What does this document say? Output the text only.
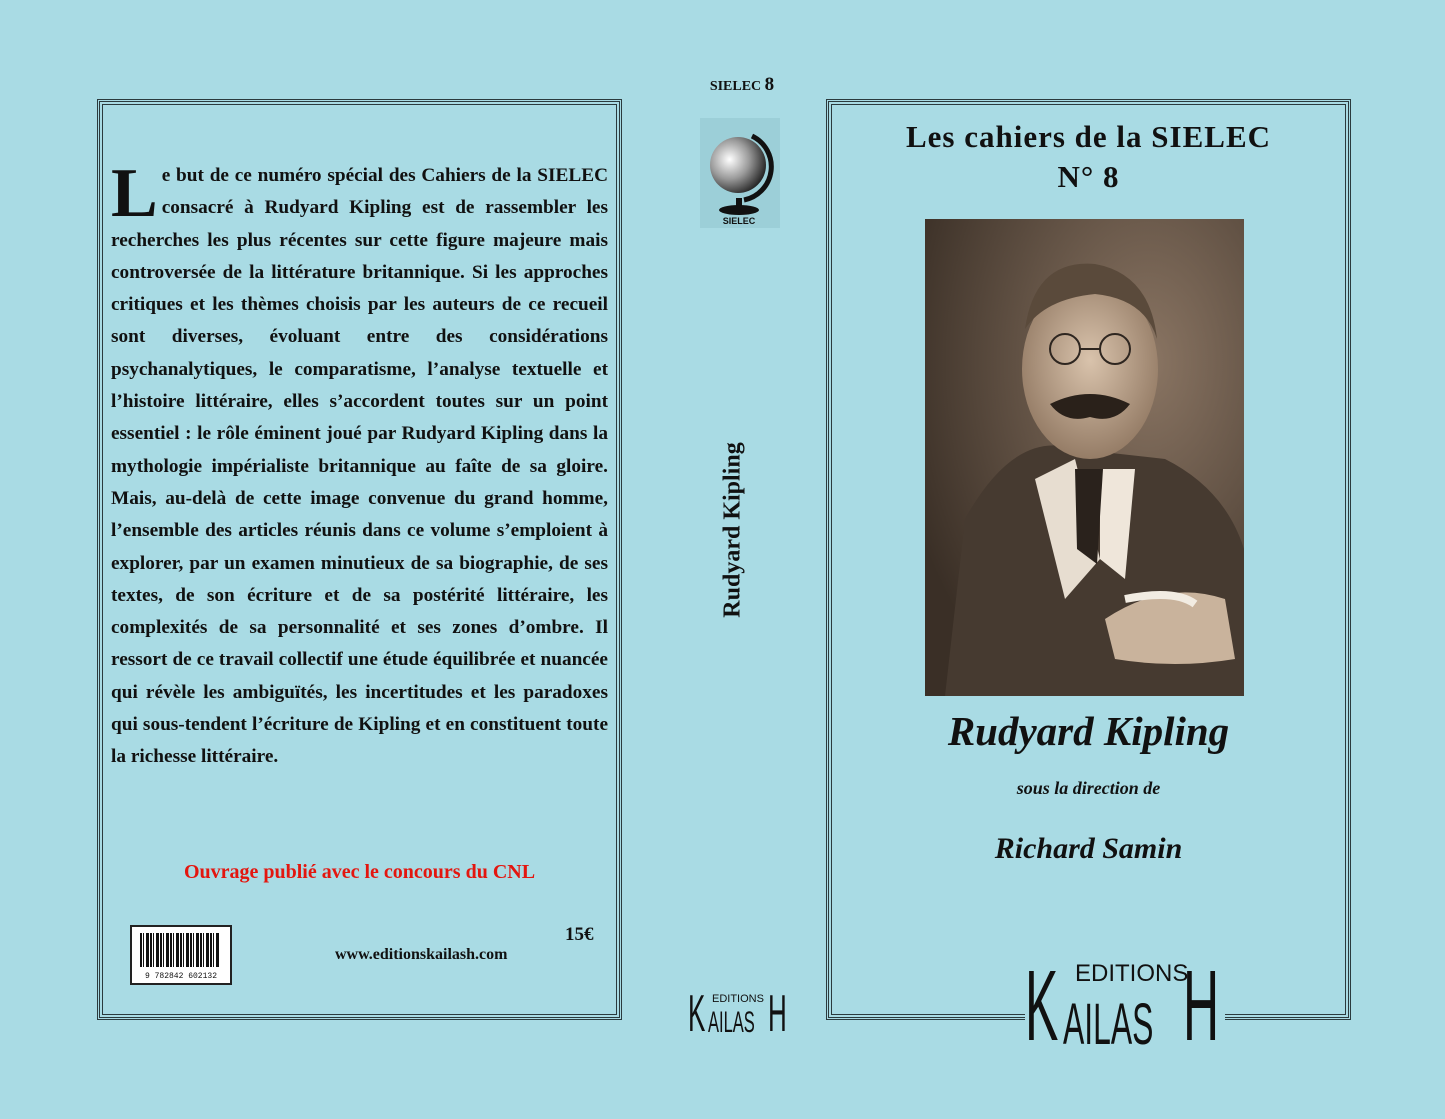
Le but de ce numéro spécial des Cahiers de la SIELEC consacré à Rudyard Kipling est de rassembler les recherches les plus récentes sur cette figure majeure mais controversée de la littérature britannique. Si les approches critiques et les thèmes choisis par les auteurs de ce recueil sont diverses, évoluant entre des considérations psychanalytiques, le comparatisme, l’analyse textuelle et l’histoire littéraire, elles s’accordent toutes sur un point essentiel : le rôle éminent joué par Rudyard Kipling dans la mythologie impérialiste britannique au faîte de sa gloire. Mais, au-delà de cette image convenue du grand homme, l’ensemble des articles réunis dans ce volume s’emploient à explorer, par un examen minutieux de sa biographie, de ses textes, de son écriture et de sa postérité littéraire, les complexités de sa personnalité et ses zones d’ombre. Il ressort de ce travail collectif une étude équilibrée et nuancée qui révèle les ambiguïtés, les incertitudes et les paradoxes qui sous-tendent l’écriture de Kipling et en constituent toute la richesse littéraire.
Ouvrage publié avec le concours du CNL
9 782842 602132
15€
www.editionskailash.com
SIELEC 8
SIELEC
Rudyard Kipling
EDITIONS
K AILAS H
Les cahiers de la SIELEC
N° 8
Rudyard Kipling
sous la direction de
Richard Samin
EDITIONS
K AILAS H
